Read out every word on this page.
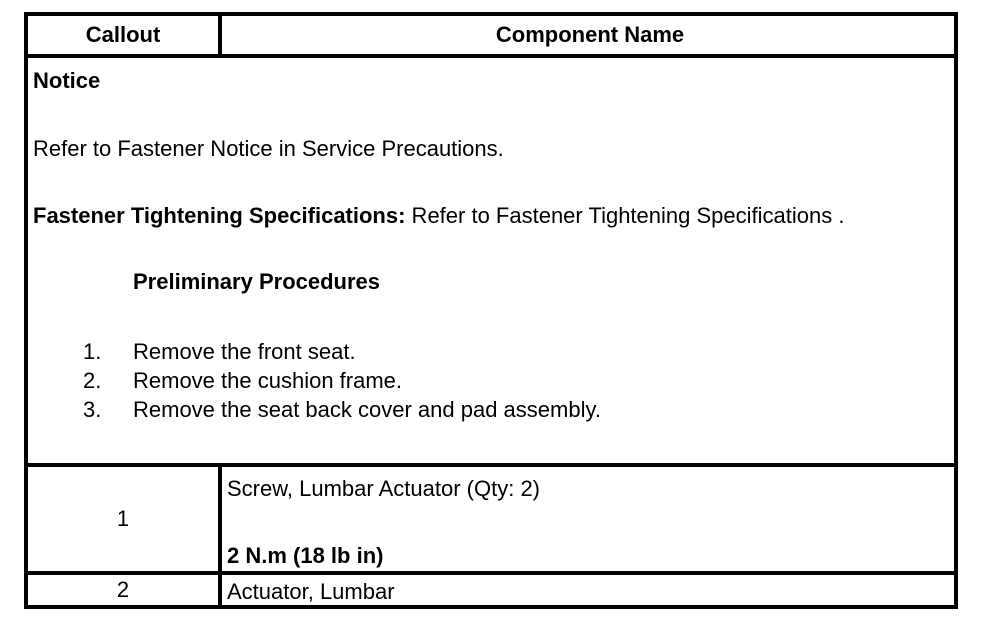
Callout	Component Name
Notice
Refer to Fastener Notice in Service Precautions.
Fastener Tightening Specifications: Refer to Fastener Tightening Specifications .
Preliminary Procedures
1. Remove the front seat.
2. Remove the cushion frame.
3. Remove the seat back cover and pad assembly.
1
Screw, Lumbar Actuator (Qty: 2)
2 N.m (18 lb in)
2	Actuator, Lumbar
